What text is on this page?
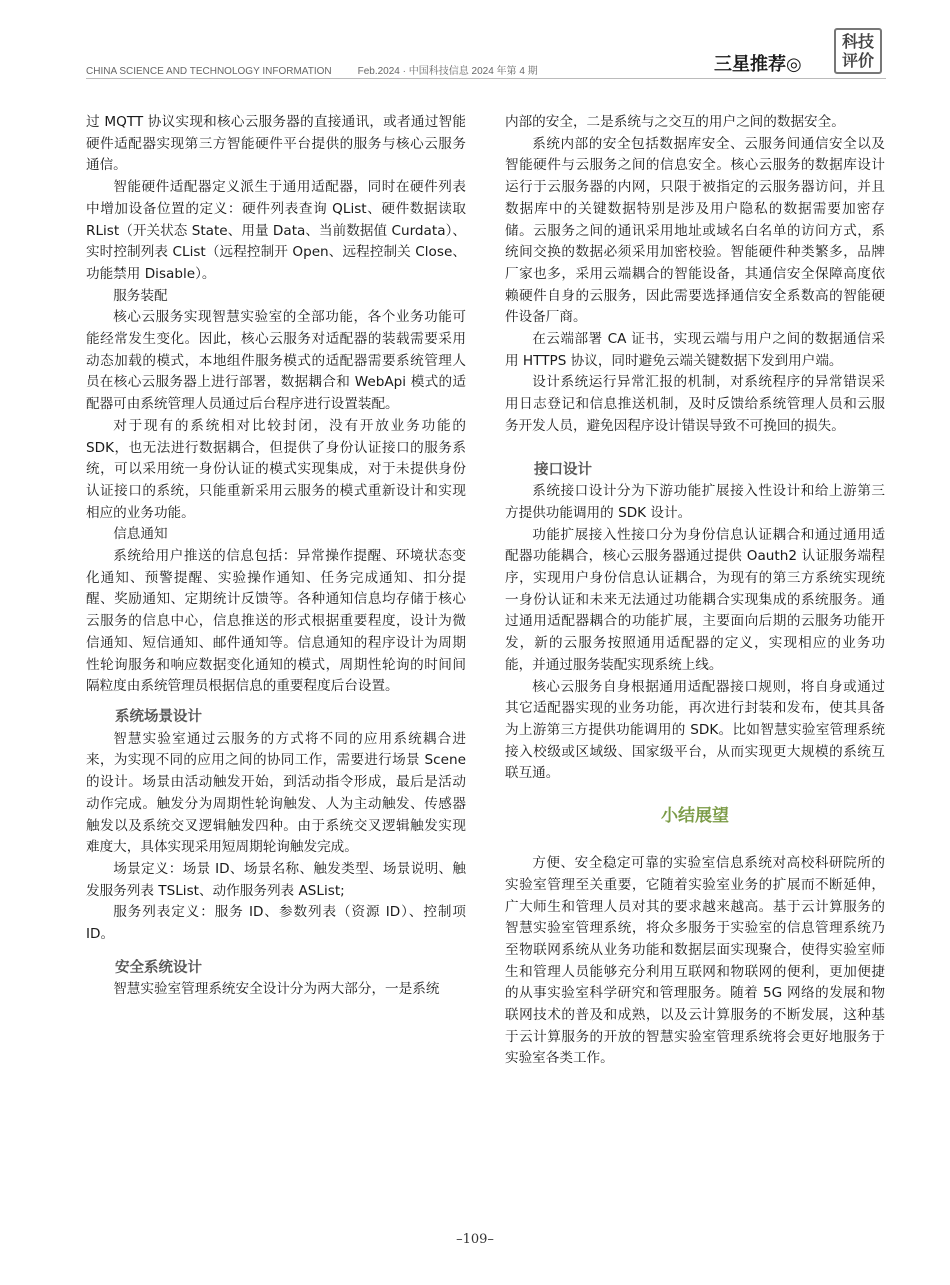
CHINA SCIENCE AND TECHNOLOGY INFORMATION	Feb.2024 · 中国科技信息 2024 年第 4 期	三星推荐◎
科技
评价

过 MQTT 协议实现和核心云服务器的直接通讯，或者通过智能硬件适配器实现第三方智能硬件平台提供的服务与核心云服务通信。

智能硬件适配器定义派生于通用适配器，同时在硬件列表中增加设备位置的定义：硬件列表查询 QList、硬件数据读取 RList（开关状态 State、用量 Data、当前数据值 Curdata）、实时控制列表 CList（远程控制开 Open、远程控制关 Close、功能禁用 Disable）。

服务装配

核心云服务实现智慧实验室的全部功能，各个业务功能可能经常发生变化。因此，核心云服务对适配器的装载需要采用动态加载的模式，本地组件服务模式的适配器需要系统管理人员在核心云服务器上进行部署，数据耦合和 WebApi 模式的适配器可由系统管理人员通过后台程序进行设置装配。

对于现有的系统相对比较封闭，没有开放业务功能的 SDK，也无法进行数据耦合，但提供了身份认证接口的服务系统，可以采用统一身份认证的模式实现集成，对于未提供身份认证接口的系统，只能重新采用云服务的模式重新设计和实现相应的业务功能。

信息通知

系统给用户推送的信息包括：异常操作提醒、环境状态变化通知、预警提醒、实验操作通知、任务完成通知、扣分提醒、奖励通知、定期统计反馈等。各种通知信息均存储于核心云服务的信息中心，信息推送的形式根据重要程度，设计为微信通知、短信通知、邮件通知等。信息通知的程序设计为周期性轮询服务和响应数据变化通知的模式，周期性轮询的时间间隔粒度由系统管理员根据信息的重要程度后台设置。

系统场景设计

智慧实验室通过云服务的方式将不同的应用系统耦合进来，为实现不同的应用之间的协同工作，需要进行场景 Scene 的设计。场景由活动触发开始，到活动指令形成，最后是活动动作完成。触发分为周期性轮询触发、人为主动触发、传感器触发以及系统交叉逻辑触发四种。由于系统交叉逻辑触发实现难度大，具体实现采用短周期轮询触发完成。

场景定义：场景 ID、场景名称、触发类型、场景说明、触发服务列表 TSList、动作服务列表 ASList;

服务列表定义：服务 ID、参数列表（资源 ID）、控制项 ID。

安全系统设计

智慧实验室管理系统安全设计分为两大部分，一是系统

内部的安全，二是系统与之交互的用户之间的数据安全。

系统内部的安全包括数据库安全、云服务间通信安全以及智能硬件与云服务之间的信息安全。核心云服务的数据库设计运行于云服务器的内网，只限于被指定的云服务器访问，并且数据库中的关键数据特别是涉及用户隐私的数据需要加密存储。云服务之间的通讯采用地址或域名白名单的访问方式，系统间交换的数据必须采用加密校验。智能硬件种类繁多，品牌厂家也多，采用云端耦合的智能设备，其通信安全保障高度依赖硬件自身的云服务，因此需要选择通信安全系数高的智能硬件设备厂商。

在云端部署 CA 证书，实现云端与用户之间的数据通信采用 HTTPS 协议，同时避免云端关键数据下发到用户端。

设计系统运行异常汇报的机制，对系统程序的异常错误采用日志登记和信息推送机制，及时反馈给系统管理人员和云服务开发人员，避免因程序设计错误导致不可挽回的损失。

接口设计

系统接口设计分为下游功能扩展接入性设计和给上游第三方提供功能调用的 SDK 设计。

功能扩展接入性接口分为身份信息认证耦合和通过通用适配器功能耦合，核心云服务器通过提供 Oauth2 认证服务端程序，实现用户身份信息认证耦合，为现有的第三方系统实现统一身份认证和未来无法通过功能耦合实现集成的系统服务。通过通用适配器耦合的功能扩展，主要面向后期的云服务功能开发，新的云服务按照通用适配器的定义，实现相应的业务功能，并通过服务装配实现系统上线。

核心云服务自身根据通用适配器接口规则，将自身或通过其它适配器实现的业务功能，再次进行封装和发布，使其具备为上游第三方提供功能调用的 SDK。比如智慧实验室管理系统接入校级或区域级、国家级平台，从而实现更大规模的系统互联互通。

小结展望

方便、安全稳定可靠的实验室信息系统对高校科研院所的实验室管理至关重要，它随着实验室业务的扩展而不断延伸，广大师生和管理人员对其的要求越来越高。基于云计算服务的智慧实验室管理系统，将众多服务于实验室的信息管理系统乃至物联网系统从业务功能和数据层面实现聚合，使得实验室师生和管理人员能够充分利用互联网和物联网的便利，更加便捷的从事实验室科学研究和管理服务。随着 5G 网络的发展和物联网技术的普及和成熟，以及云计算服务的不断发展，这种基于云计算服务的开放的智慧实验室管理系统将会更好地服务于实验室各类工作。

–109–
